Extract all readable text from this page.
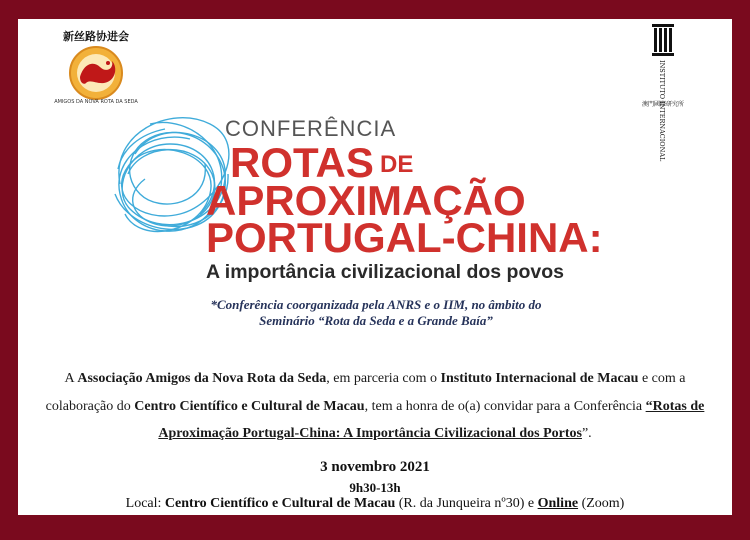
新丝路协进会
AMIGOS DA NOVA ROTA DA SEDA	INSTITUTO INTERNACIONAL
澳門國際研究所
CONFERÊNCIA
ROTAS DE
APROXIMAÇÃO
PORTUGAL-CHINA:
A importância civilizacional dos povos
*Conferência coorganizada pela ANRS e o IIM, no âmbito do
Seminário “Rota da Seda e a Grande Baía”
A Associação Amigos da Nova Rota da Seda, em parceria com o Instituto Internacional de Macau e com a colaboração do Centro Científico e Cultural de Macau, tem a honra de o(a) convidar para a Conferência “Rotas de Aproximação Portugal-China: A Importância Civilizacional dos Portos”.
3 novembro 2021
9h30-13h
Local: Centro Científico e Cultural de Macau (R. da Junqueira nº30) e Online (Zoom)
